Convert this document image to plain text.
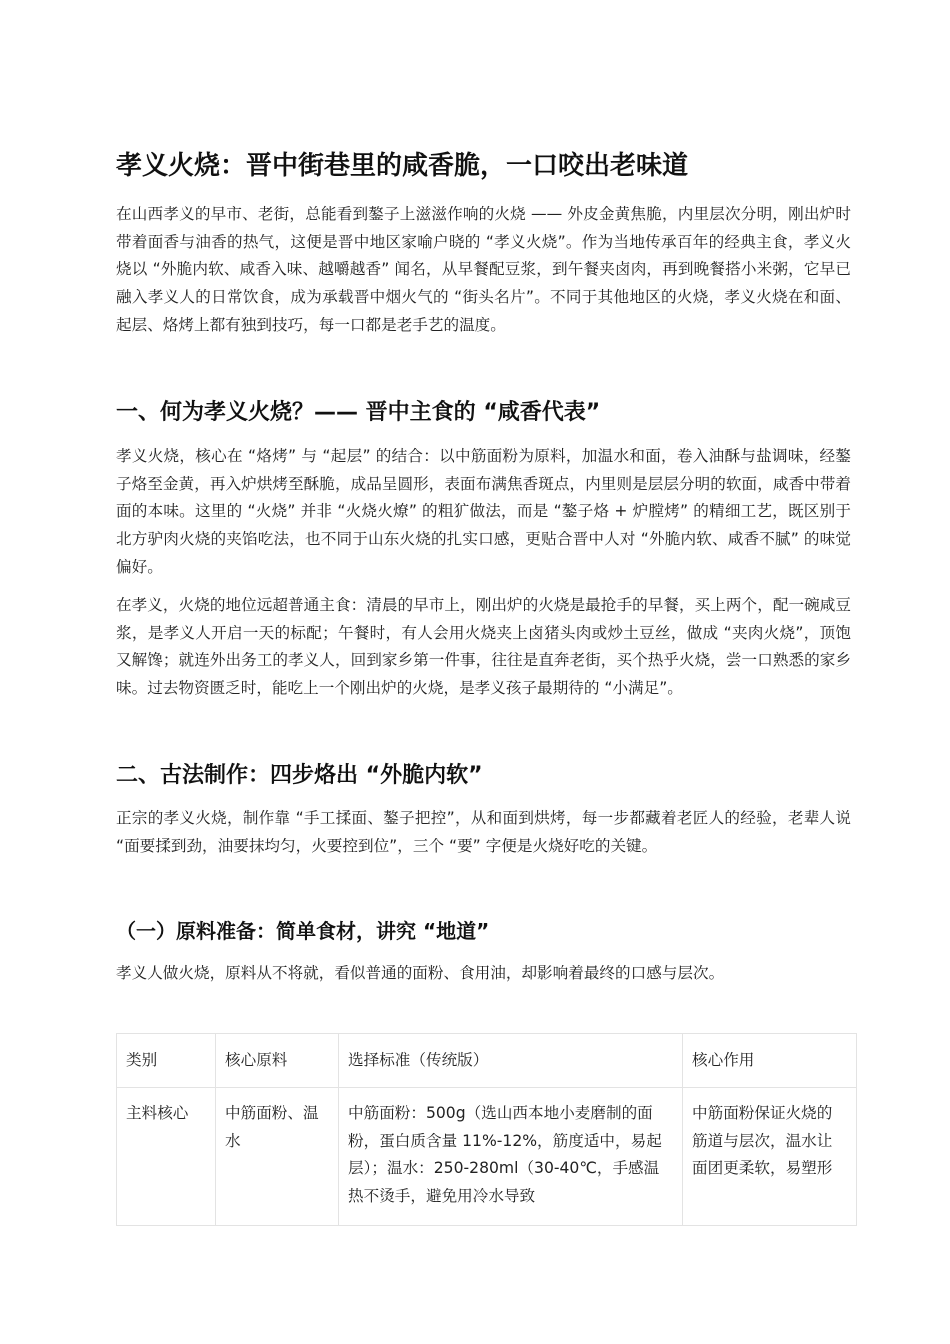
孝义火烧：晋中街巷里的咸香脆，一口咬出老味道

在山西孝义的早市、老街，总能看到鏊子上滋滋作响的火烧 —— 外皮金黄焦脆，内里层次分明，刚出炉时带着面香与油香的热气，这便是晋中地区家喻户晓的 “孝义火烧”。作为当地传承百年的经典主食，孝义火烧以 “外脆内软、咸香入味、越嚼越香” 闻名，从早餐配豆浆，到午餐夹卤肉，再到晚餐搭小米粥，它早已融入孝义人的日常饮食，成为承载晋中烟火气的 “街头名片”。不同于其他地区的火烧，孝义火烧在和面、起层、烙烤上都有独到技巧，每一口都是老手艺的温度。

一、何为孝义火烧？—— 晋中主食的 “咸香代表”

孝义火烧，核心在 “烙烤” 与 “起层” 的结合：以中筋面粉为原料，加温水和面，卷入油酥与盐调味，经鏊子烙至金黄，再入炉烘烤至酥脆，成品呈圆形，表面布满焦香斑点，内里则是层层分明的软面，咸香中带着面的本味。这里的 “火烧” 并非 “火烧火燎” 的粗犷做法，而是 “鏊子烙 + 炉膛烤” 的精细工艺，既区别于北方驴肉火烧的夹馅吃法，也不同于山东火烧的扎实口感，更贴合晋中人对 “外脆内软、咸香不腻” 的味觉偏好。

在孝义，火烧的地位远超普通主食：清晨的早市上，刚出炉的火烧是最抢手的早餐，买上两个，配一碗咸豆浆，是孝义人开启一天的标配；午餐时，有人会用火烧夹上卤猪头肉或炒土豆丝，做成 “夹肉火烧”，顶饱又解馋；就连外出务工的孝义人，回到家乡第一件事，往往是直奔老街，买个热乎火烧，尝一口熟悉的家乡味。过去物资匮乏时，能吃上一个刚出炉的火烧，是孝义孩子最期待的 “小满足”。

二、古法制作：四步烙出 “外脆内软”

正宗的孝义火烧，制作靠 “手工揉面、鏊子把控”，从和面到烘烤，每一步都藏着老匠人的经验，老辈人说 “面要揉到劲，油要抹均匀，火要控到位”，三个 “要” 字便是火烧好吃的关键。

（一）原料准备：简单食材，讲究 “地道”

孝义人做火烧，原料从不将就，看似普通的面粉、食用油，却影响着最终的口感与层次。

类别	核心原料	选择标准（传统版）	核心作用
主料核心	中筋面粉、温水	中筋面粉：500g（选山西本地小麦磨制的面粉，蛋白质含量 11%-12%，筋度适中，易起层）；温水：250-280ml（30-40℃，手感温热不烫手，避免用冷水导致	中筋面粉保证火烧的筋道与层次，温水让面团更柔软，易塑形
